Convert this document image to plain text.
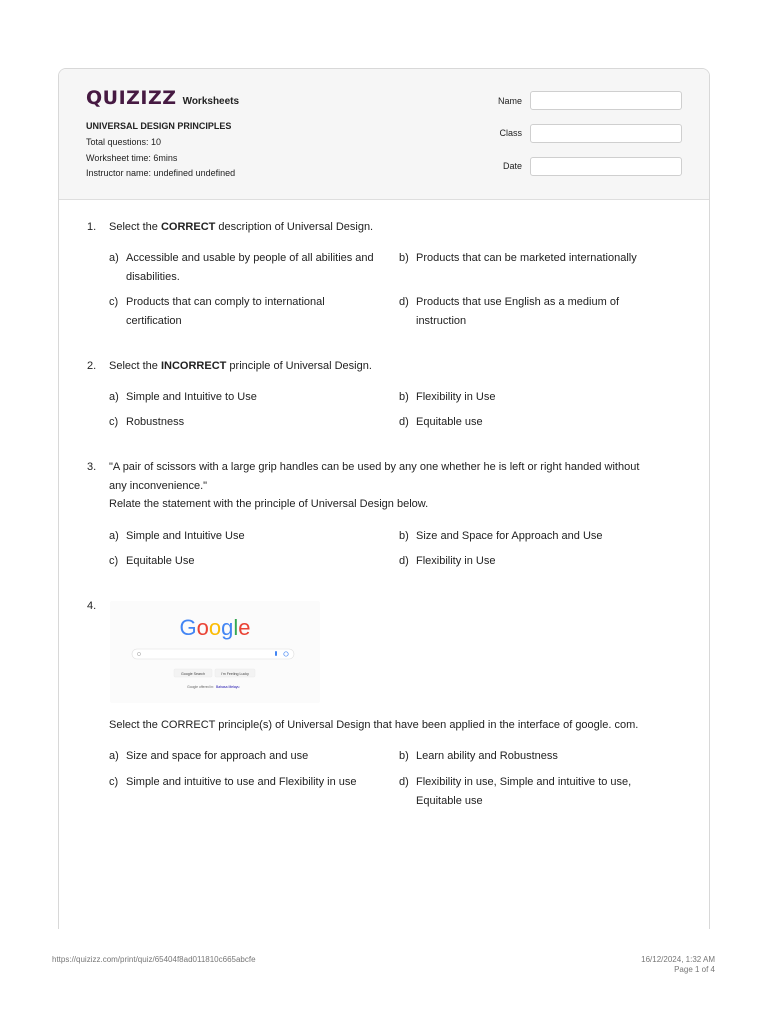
QUIZIZZ Worksheets
UNIVERSAL DESIGN PRINCIPLES
Total questions: 10
Worksheet time: 6mins
Instructor name: undefined undefined
Name
Class
Date
1.	Select the CORRECT description of Universal Design.
a) Accessible and usable by people of all abilities and
disabilities.
b) Products that can be marketed internationally
c) Products that can comply to international
certification
d) Products that use English as a medium of
instruction
2.	Select the INCORRECT principle of Universal Design.
a) Simple and Intuitive to Use	b) Flexibility in Use
c) Robustness	d) Equitable use
3.	"A pair of scissors with a large grip handles can be used by any one whether he is left or right handed without
any inconvenience."
Relate the statement with the principle of Universal Design below.
a) Simple and Intuitive Use	b) Size and Space for Approach and Use
c) Equitable Use	d) Flexibility in Use
4.
Google
Google Search	I'm Feeling Lucky
Google offered in: Bahasa Melayu
Select the CORRECT principle(s) of Universal Design that have been applied in the interface of google. com.
a) Size and space for approach and use	b) Learn ability and Robustness
c) Simple and intuitive to use and Flexibility in use	d) Flexibility in use, Simple and intuitive to use,
Equitable use
https://quizizz.com/print/quiz/65404f8ad011810c665abcfe	16/12/2024, 1:32 AM
Page 1 of 4
